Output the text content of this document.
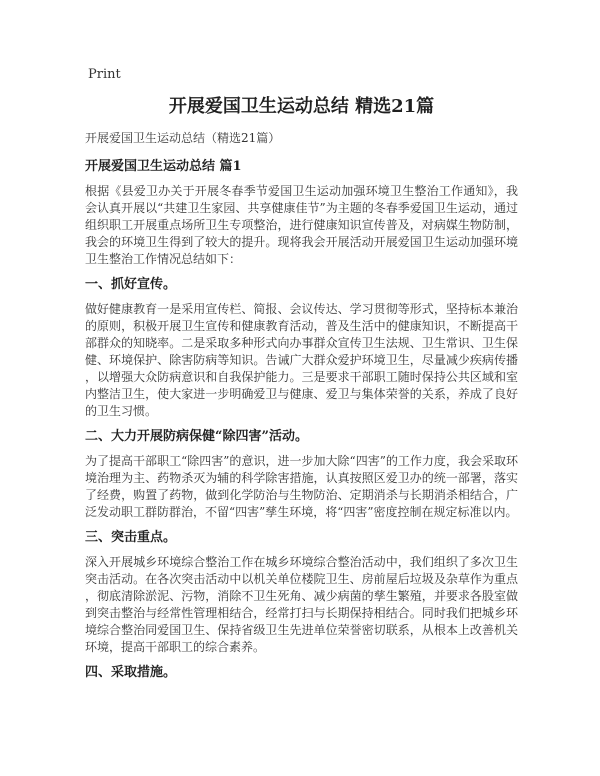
Print
开展爱国卫生运动总结 精选21篇
开展爱国卫生运动总结（精选21篇）
开展爱国卫生运动总结 篇1

根据《县爱卫办关于开展冬春季节爱国卫生运动加强环境卫生整治工作通知》，我会认真开展以“共建卫生家园、共享健康佳节”为主题的冬春季爱国卫生运动，通过组织职工开展重点场所卫生专项整治，进行健康知识宣传普及，对病媒生物防制，我会的环境卫生得到了较大的提升。现将我会开展活动开展爱国卫生运动加强环境卫生整治工作情况总结如下：

一、抓好宣传。

做好健康教育一是采用宣传栏、简报、会议传达、学习贯彻等形式，坚持标本兼治的原则，积极开展卫生宣传和健康教育活动，普及生活中的健康知识，不断提高干部群众的知晓率。二是采取多种形式向办事群众宣传卫生法规、卫生常识、卫生保健、环境保护、除害防病等知识。告诫广大群众爱护环境卫生，尽量减少疾病传播，以增强大众防病意识和自我保护能力。三是要求干部职工随时保持公共区域和室内整洁卫生，使大家进一步明确爱卫与健康、爱卫与集体荣誉的关系，养成了良好的卫生习惯。

二、大力开展防病保健“除四害”活动。

为了提高干部职工“除四害”的意识，进一步加大除“四害”的工作力度，我会采取环境治理为主、药物杀灭为辅的科学除害措施，认真按照区爱卫办的统一部署，落实了经费，购置了药物，做到化学防治与生物防治、定期消杀与长期消杀相结合，广泛发动职工群防群治，不留“四害”孳生环境，将“四害”密度控制在规定标准以内。

三、突击重点。

深入开展城乡环境综合整治工作在城乡环境综合整治活动中，我们组织了多次卫生突击活动。在各次突击活动中以机关单位楼院卫生、房前屋后垃圾及杂草作为重点，彻底清除淤泥、污物，消除不卫生死角、减少病菌的孳生繁殖，并要求各股室做到突击整治与经常性管理相结合，经常打扫与长期保持相结合。同时我们把城乡环境综合整治同爱国卫生、保持省级卫生先进单位荣誉密切联系，从根本上改善机关环境，提高干部职工的综合素养。

四、采取措施。
